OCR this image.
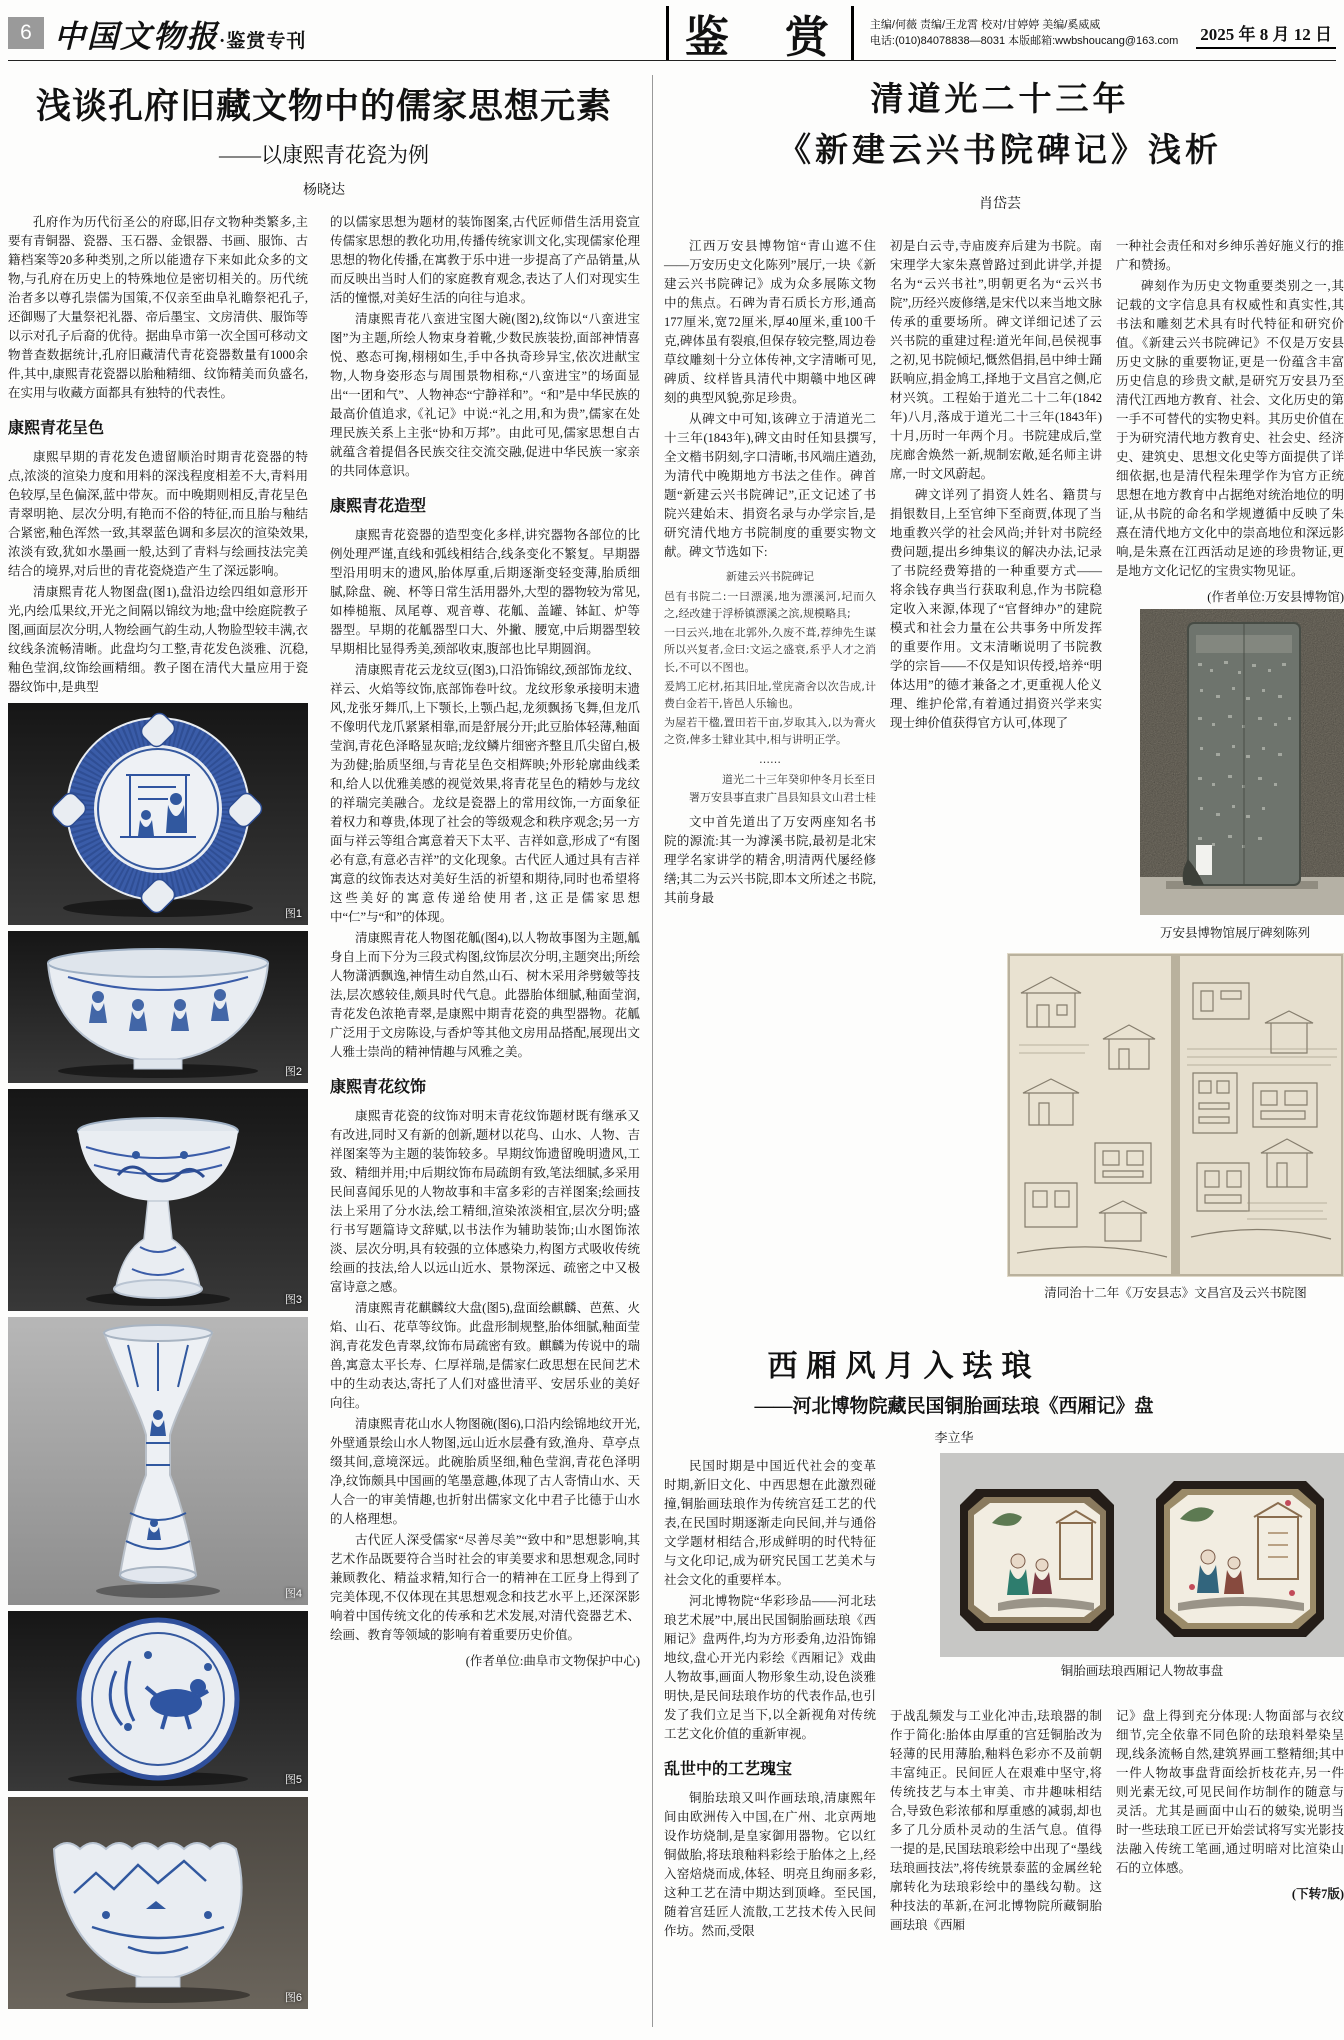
6 中国文物报·鉴赏专刊	鉴　赏	主编/何薇 责编/王龙霄 校对/甘婷婷 美编/奚威威
电话:(010)84078838—8031 本版邮箱:wwbshoucang@163.com 2025 年 8 月 12 日
浅谈孔府旧藏文物中的儒家思想元素
——以康熙青花瓷为例
杨晓达

孔府作为历代衍圣公的府邸,旧存文物种类繁多,主要有青铜器、瓷器、玉石器、金银器、书画、服饰、古籍档案等20多种类别,之所以能遗存下来如此众多的文物,与孔府在历史上的特殊地位是密切相关的。历代统治者多以尊孔崇儒为国策,不仅亲至曲阜礼瞻祭祀孔子,还御赐了大量祭祀礼器、帝后墨宝、文房清供、服饰等以示对孔子后裔的优待。据曲阜市第一次全国可移动文物普查数据统计,孔府旧藏清代青花瓷器数量有1000余件,其中,康熙青花瓷器以胎釉精细、纹饰精美而负盛名,在实用与收藏方面都具有独特的代表性。

康熙青花呈色

康熙早期的青花发色遗留顺治时期青花瓷器的特点,浓淡的渲染力度和用料的深浅程度相差不大,青料用色较厚,呈色偏深,蓝中带灰。而中晚期则相反,青花呈色青翠明艳、层次分明,有艳而不俗的特征,而且胎与釉结合紧密,釉色浑然一致,其翠蓝色调和多层次的渲染效果,浓淡有致,犹如水墨画一般,达到了青料与绘画技法完美结合的境界,对后世的青花瓷烧造产生了深远影响。

清康熙青花人物图盘(图1),盘沿边绘四组如意形开光,内绘瓜果纹,开光之间隔以锦纹为地;盘中绘庭院教子图,画面层次分明,人物绘画气韵生动,人物脸型较丰满,衣纹线条流畅清晰。此盘均匀工整,青花发色淡雅、沉稳,釉色莹润,纹饰绘画精细。教子图在清代大量应用于瓷器纹饰中,是典型

图1
图2
图3
图4
图5
图6

的以儒家思想为题材的装饰图案,古代匠师借生活用瓷宣传儒家思想的教化功用,传播传统家训文化,实现儒家伦理思想的物化传播,在寓教于乐中进一步提高了产品销量,从而反映出当时人们的家庭教育观念,表达了人们对现实生活的憧憬,对美好生活的向往与追求。

清康熙青花八蛮进宝图大碗(图2),纹饰以“八蛮进宝图”为主题,所绘人物束身着靴,少数民族装扮,面部神情喜悦、憨态可掬,栩栩如生,手中各执奇珍异宝,依次进献宝物,人物身姿形态与周围景物相称,“八蛮进宝”的场面显出“一团和气”、人物神态“宁静祥和”。“和”是中华民族的最高价值追求,《礼记》中说:“礼之用,和为贵”,儒家在处理民族关系上主张“协和万邦”。由此可见,儒家思想自古就蕴含着提倡各民族交往交流交融,促进中华民族一家亲的共同体意识。

康熙青花造型

康熙青花瓷器的造型变化多样,讲究器物各部位的比例处理严谨,直线和弧线相结合,线条变化不繁复。早期器型沿用明末的遗风,胎体厚重,后期逐渐变轻变薄,胎质细腻,除盘、碗、杯等日常生活用器外,大型的器物较为常见,如棒槌瓶、凤尾尊、观音尊、花觚、盖罐、钵缸、炉等器型。早期的花觚器型口大、外撇、腰宽,中后期器型较早期相比显得秀美,颈部收束,腹部也比早期圆润。

清康熙青花云龙纹豆(图3),口沿饰锦纹,颈部饰龙纹、祥云、火焰等纹饰,底部饰卷叶纹。龙纹形象承接明末遗风,龙张牙舞爪,上下颚长,上颚凸起,龙须飘扬飞舞,但龙爪不像明代龙爪紧紧相靠,而是舒展分开;此豆胎体轻薄,釉面莹润,青花色泽略显灰暗;龙纹鳞片细密齐整且爪尖留白,极为劲健;胎质坚细,与青花呈色交相辉映;外形轮廓曲线柔和,给人以优雅美感的视觉效果,将青花呈色的精妙与龙纹的祥瑞完美融合。龙纹是瓷器上的常用纹饰,一方面象征着权力和尊贵,体现了社会的等级观念和秩序观念;另一方面与祥云等组合寓意着天下太平、吉祥如意,形成了“有图必有意,有意必吉祥”的文化现象。古代匠人通过具有吉祥寓意的纹饰表达对美好生活的祈望和期待,同时也希望将这些美好的寓意传递给使用者,这正是儒家思想中“仁”与“和”的体现。

清康熙青花人物图花觚(图4),以人物故事图为主题,觚身自上而下分为三段式构图,纹饰层次分明,主题突出;所绘人物潇洒飘逸,神情生动自然,山石、树木采用斧劈皴等技法,层次感较佳,颇具时代气息。此器胎体细腻,釉面莹润,青花发色浓艳青翠,是康熙中期青花瓷的典型器物。花觚广泛用于文房陈设,与香炉等其他文房用品搭配,展现出文人雅士崇尚的精神情趣与风雅之美。

康熙青花纹饰

康熙青花瓷的纹饰对明末青花纹饰题材既有继承又有改进,同时又有新的创新,题材以花鸟、山水、人物、吉祥图案等为主题的装饰较多。早期纹饰遗留晚明遗风,工致、精细并用;中后期纹饰布局疏朗有致,笔法细腻,多采用民间喜闻乐见的人物故事和丰富多彩的吉祥图案;绘画技法上采用了分水法,绘工精细,渲染浓淡相宜,层次分明;盛行书写题篇诗文辞赋,以书法作为辅助装饰;山水图饰浓淡、层次分明,具有较强的立体感染力,构图方式吸收传统绘画的技法,给人以远山近水、景物深远、疏密之中又极富诗意之感。

清康熙青花麒麟纹大盘(图5),盘面绘麒麟、芭蕉、火焰、山石、花草等纹饰。此盘形制规整,胎体细腻,釉面莹润,青花发色青翠,纹饰布局疏密有致。麒麟为传说中的瑞兽,寓意太平长寿、仁厚祥瑞,是儒家仁政思想在民间艺术中的生动表达,寄托了人们对盛世清平、安居乐业的美好向往。

清康熙青花山水人物图碗(图6),口沿内绘锦地纹开光,外壁通景绘山水人物图,远山近水层叠有致,渔舟、草亭点缀其间,意境深远。此碗胎质坚细,釉色莹润,青花色泽明净,纹饰颇具中国画的笔墨意趣,体现了古人寄情山水、天人合一的审美情趣,也折射出儒家文化中君子比德于山水的人格理想。

古代匠人深受儒家“尽善尽美”“致中和”思想影响,其艺术作品既要符合当时社会的审美要求和思想观念,同时兼顾教化、精益求精,知行合一的精神在工匠身上得到了完美体现,不仅体现在其思想观念和技艺水平上,还深深影响着中国传统文化的传承和艺术发展,对清代瓷器艺术、绘画、教育等领域的影响有着重要历史价值。

(作者单位:曲阜市文物保护中心)
清道光二十三年
《新建云兴书院碑记》浅析
肖岱芸

江西万安县博物馆“青山遮不住——万安历史文化陈列”展厅,一块《新建云兴书院碑记》成为众多展陈文物中的焦点。石碑为青石质长方形,通高177厘米,宽72厘米,厚40厘米,重100千克,碑体虽有裂痕,但保存较完整,周边卷草纹雕刻十分立体传神,文字清晰可见,碑质、纹样皆具清代中期赣中地区碑刻的典型风貌,弥足珍贵。

从碑文中可知,该碑立于清道光二十三年(1843年),碑文由时任知县撰写,全文楷书阴刻,字口清晰,书风端庄遒劲,为清代中晚期地方书法之佳作。碑首题“新建云兴书院碑记”,正文记述了书院兴建始末、捐资名录与办学宗旨,是研究清代地方书院制度的重要实物文献。碑文节选如下:

新建云兴书院碑记
邑有书院二:一曰漂溪,地为漂溪河,圮而久之,经改建于浮桥镇漂溪之滨,规模略具;
一曰云兴,地在北郭外,久废不葺,荐绅先生谋所以兴复者,佥曰:文运之盛衰,系乎人才之消长,不可以不图也。
爰鸠工庀材,拓其旧址,堂庑斋舍以次告成,计费白金若干,皆邑人乐输也。
为屋若干楹,置田若干亩,岁取其入,以为膏火之资,俾多士肄业其中,相与讲明正学。
……
道光二十三年癸卯仲冬月长至日
署万安县事直隶广昌县知县文山君士桂

文中首先道出了万安两座知名书院的源流:其一为滹溪书院,最初是北宋理学名家讲学的精舍,明清两代屡经修缮;其二为云兴书院,即本文所述之书院,其前身最

初是白云寺,寺庙废弃后建为书院。南宋理学大家朱熹曾路过到此讲学,并提名为“云兴书社”,明朝更名为“云兴书院”,历经兴废修缮,是宋代以来当地文脉传承的重要场所。碑文详细记述了云兴书院的重建过程:道光年间,邑侯视事之初,见书院倾圮,慨然倡捐,邑中绅士踊跃响应,捐金鸠工,择地于文昌宫之侧,庀材兴筑。工程始于道光二十二年(1842年)八月,落成于道光二十三年(1843年)十月,历时一年两个月。书院建成后,堂庑廊舍焕然一新,规制宏敞,延名师主讲席,一时文风蔚起。

碑文详列了捐资人姓名、籍贯与捐银数目,上至官绅下至商贾,体现了当地重教兴学的社会风尚;并针对书院经费问题,提出乡绅集议的解决办法,记录了书院经费筹措的一种重要方式——将余钱存典当行获取利息,作为书院稳定收入来源,体现了“官督绅办”的建院模式和社会力量在公共事务中所发挥的重要作用。文末清晰说明了书院教学的宗旨——不仅是知识传授,培养“明体达用”的德才兼备之才,更重视人伦义理、维护伦常,有着通过捐资兴学来实现士绅价值获得官方认可,体现了

一种社会责任和对乡绅乐善好施义行的推广和赞扬。

碑刻作为历史文物重要类别之一,其记载的文字信息具有权威性和真实性,其书法和雕刻艺术具有时代特征和研究价值。《新建云兴书院碑记》不仅是万安县历史文脉的重要物证,更是一份蕴含丰富历史信息的珍贵文献,是研究万安县乃至清代江西地方教育、社会、文化历史的第一手不可替代的实物史料。其历史价值在于为研究清代地方教育史、社会史、经济史、建筑史、思想文化史等方面提供了详细依据,也是清代程朱理学作为官方正统思想在地方教育中占据绝对统治地位的明证,从书院的命名和学规遵循中反映了朱熹在清代地方文化中的崇高地位和深远影响,是朱熹在江西活动足迹的珍贵物证,更是地方文化记忆的宝贵实物见证。

(作者单位:万安县博物馆)
万安县博物馆展厅碑刻陈列
清同治十二年《万安县志》文昌宫及云兴书院图
西厢风月入珐琅
——河北博物院藏民国铜胎画珐琅《西厢记》盘
李立华
铜胎画珐琅西厢记人物故事盘

民国时期是中国近代社会的变革时期,新旧文化、中西思想在此激烈碰撞,铜胎画珐琅作为传统宫廷工艺的代表,在民国时期逐渐走向民间,并与通俗文学题材相结合,形成鲜明的时代特征与文化印记,成为研究民国工艺美术与社会文化的重要样本。

河北博物院“华彩珍品——河北珐琅艺术展”中,展出民国铜胎画珐琅《西厢记》盘两件,均为方形委角,边沿饰锦地纹,盘心开光内彩绘《西厢记》戏曲人物故事,画面人物形象生动,设色淡雅明快,是民间珐琅作坊的代表作品,也引发了我们立足当下,以全新视角对传统工艺文化价值的重新审视。

乱世中的工艺瑰宝

铜胎珐琅又叫作画珐琅,清康熙年间由欧洲传入中国,在广州、北京两地设作坊烧制,是皇家御用器物。它以红铜做胎,将珐琅釉料彩绘于胎体之上,经入窑焙烧而成,体轻、明亮且绚丽多彩,这种工艺在清中期达到顶峰。至民国,随着宫廷匠人流散,工艺技术传入民间作坊。然而,受限

于战乱频发与工业化冲击,珐琅器的制作于简化:胎体由厚重的宫廷铜胎改为轻薄的民用薄胎,釉料色彩亦不及前朝丰富纯正。民间匠人在艰难中坚守,将传统技艺与本土审美、市井趣味相结合,导致色彩浓郁和厚重感的减弱,却也多了几分质朴灵动的生活气息。值得一提的是,民国珐琅彩绘中出现了“墨线珐琅画技法”,将传统景泰蓝的金属丝轮廓转化为珐琅彩绘中的墨线勾勒。这种技法的革新,在河北博物院所藏铜胎画珐琅《西厢

记》盘上得到充分体现:人物面部与衣纹细节,完全依靠不同色阶的珐琅料晕染呈现,线条流畅自然,建筑界画工整精细;其中一件人物故事盘背面绘折枝花卉,另一件则光素无纹,可见民间作坊制作的随意与灵活。尤其是画面中山石的皴染,说明当时一些珐琅工匠已开始尝试将写实光影技法融入传统工笔画,通过明暗对比渲染山石的立体感。

(下转7版)
